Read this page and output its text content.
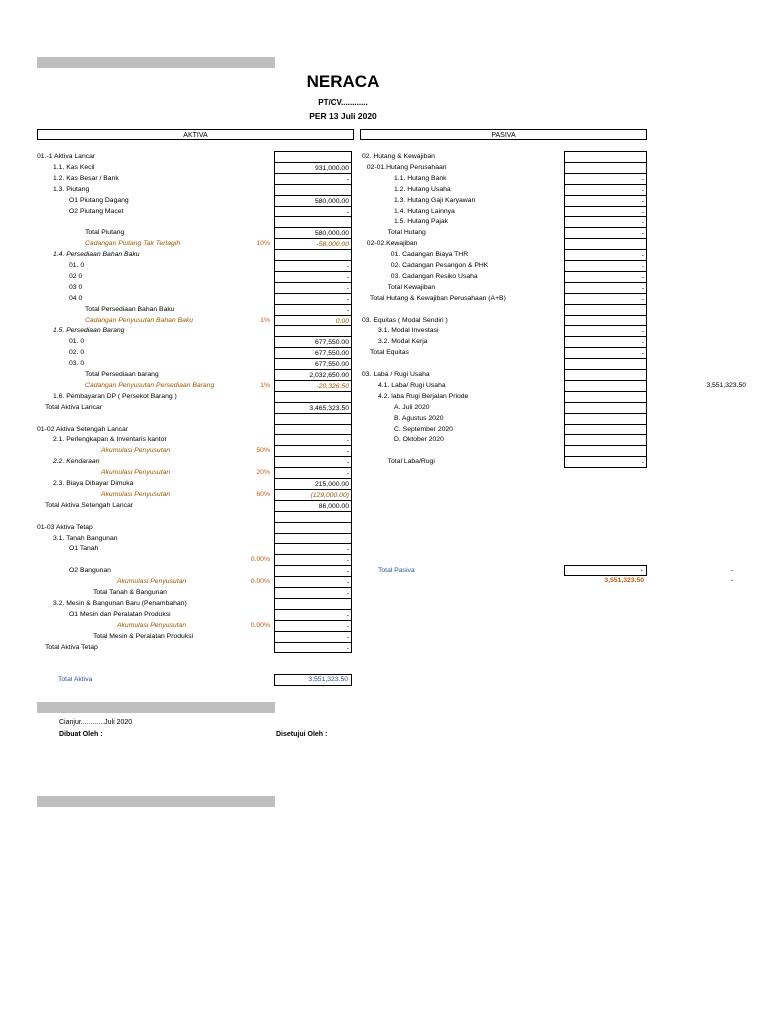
NERACA
PT/CV............
PER 13 Juli 2020
AKTIVA	PASIVA
01.-1 Aktiva Lancar
1.1. Kas Kecil	931,000.00
1.2. Kas Besar / Bank	-
1.3. Piutang
O1 Piutang Dagang	580,000.00
O2 Piutang Macet	-
Total Piutang	580,000.00
Cadangan Piutang Tak Tertagih	10%	-58,000.00
1.4. Persediaan Bahan Baku
01. 0	-
02 0	-
03 0	-
04 0	-
Total Persediaan Bahan Baku	-
Cadangan Penyusutan Bahan Baku	1%	0.00
1.5. Persediaan Barang
01. 0	677,550.00
02. 0	677,550.00
03. 0	677,550.00
Total Persediaan barang	2,032,650.00
Cadangan Penyusutan Persediaan Barang	1%	-20,326.50
1.6. Pembayaran DP ( Persekot Barang )
Total Aktiva Lancar	3,465,323.50
01-02 Aktiva Setengah Lancar
2.1. Perlengkapan & Inventaris kantor	-
Akumulasi Penyusutan	50%	-
2.2. Kendaraan	-
Akumulasi Penyusutan	20%	-
2.3. Biaya Dibayar Dimuka	215,000.00
Akumulasi Penyusutan	60%	(129,000.00)
Total Aktiva Setengah Lancar	86,000.00
01-03 Aktiva Tetap
3.1. Tanah Bangunan
O1 Tanah	-
0.00%	-
O2 Bangunan	-
Akumulasi Penyusutan	0.00%	-
Total Tanah & Bangunan	-
3.2. Mesin & Bangunan Baru (Penambahan)
O1 Mesin dan Peralatan Produksi	-
Akumulasi Penyusutan	0.00%	-
Total Mesin & Peralatan Produksi	-
Total Aktiva Tetap	-
02. Hutang & Kewajiban
02-01.Hutang Perusahaan
1.1. Hutang Bank	-
1.2. Hutang Usaha	-
1.3. Hutang Gaji Karyawan	-
1.4. Hutang Lainnya	-
1.5. Hutang Pajak	-
Total Hutang	-
02-02.Kewajiban
01. Cadangan Biaya THR	-
02. Cadangan Pesangon & PHK	-
03. Cadangan Resiko Usaha	-
Total Kewajiban	-
Total Hutang & Kewajiban Perusahaan (A+B)	-
03. Equitas ( Modal Sendiri )
3.1. Modal Investasi	-
3.2. Modal Kerja	-
Total Equitas	-
03. Laba / Rugi Usaha
4.1. Laba/ Rugi Usaha	3,551,323.50
4.2. laba Rugi Berjalan Priode
A. Juli 2020
B. Agustus 2020
C. September 2020
D. Oktober 2020
Total Laba/Rugi	-
Total Pasiva	-	-
3,551,323.50	-
Total Aktiva	3,551,323.50
Cianjur............Juli 2020
Dibuat Oleh :	Disetujui Oleh :
